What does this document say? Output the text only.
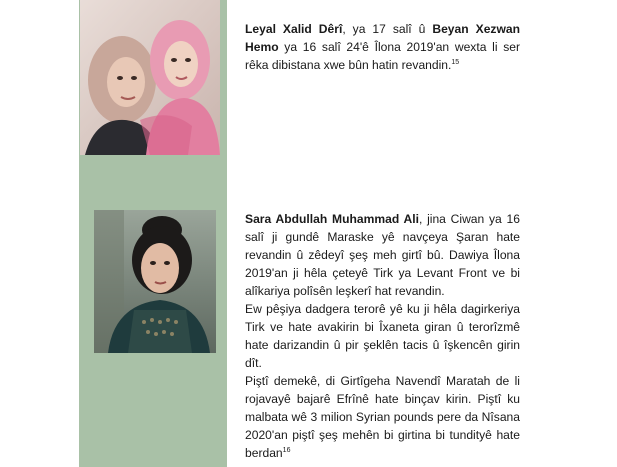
Leyal Xalid Dêrî, ya 17 salî û Beyan Xezwan Hemo ya 16 salî 24'ê Îlona 2019'an wexta li ser rêka dibistana xwe bûn hatin revandin.$^{15}$

Sara Abdullah Muhammad Ali, jina Ciwan ya 16 salî ji gundê Maraske yê navçeya Şaran hate revandin û zêdeyî şeş meh girtî bû. Dawiya Îlona 2019'an ji hêla çeteyê Tirk ya Levant Front ve bi alîkariya polîsên leşkerî hat revandin.

Ew pêşiya dadgera terorê yê ku ji hêla dagirkeriya Tirk ve hate avakirin bi Îxaneta giran û terorîzmê hate darizandin û pir şeklên tacis û îşkencên girin dît.

Piştî demekê, di Girtîgeha Navendî Maratah de li rojavayê bajarê Efrînê hate binçav kirin. Piştî ku malbata wê 3 milion Syrian pounds pere da Nîsana 2020'an piştî şeş mehên bi girtina bi tundityê hate berdan$^{16}$
